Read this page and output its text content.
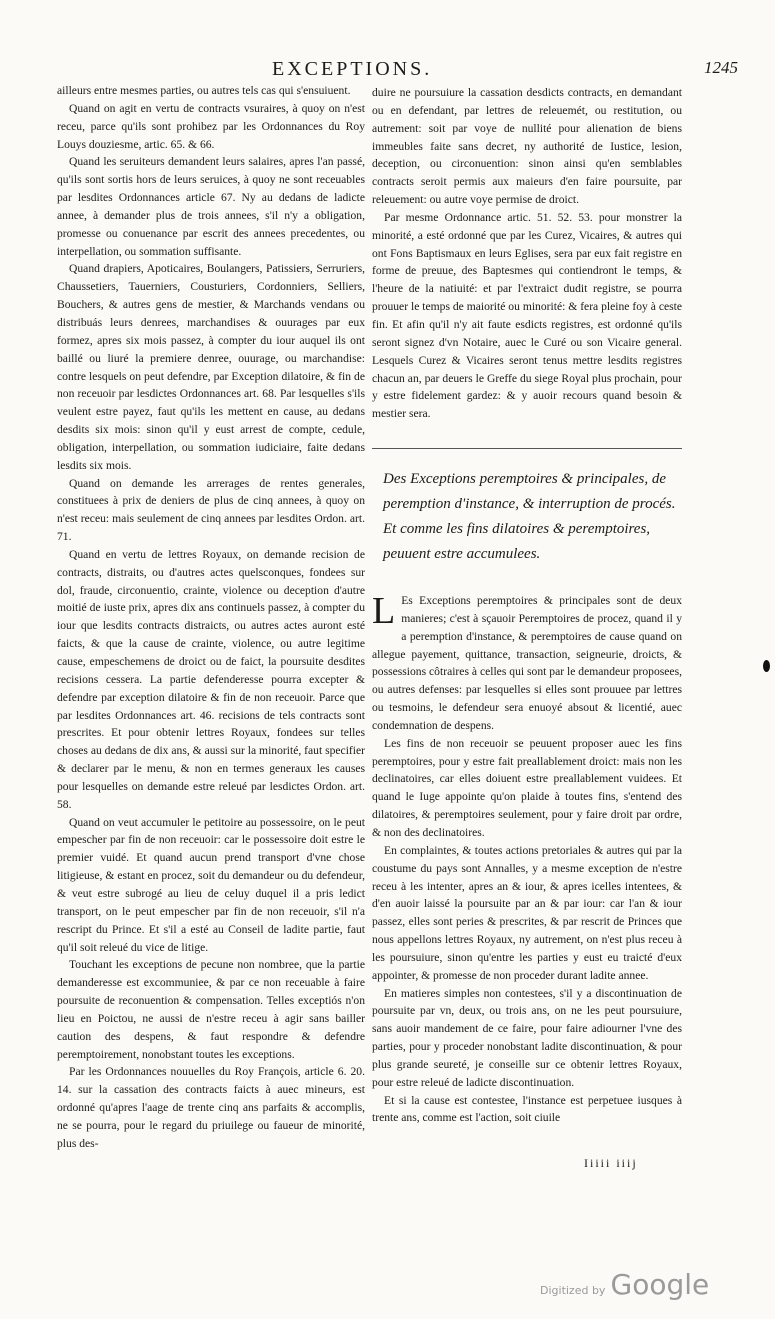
EXCEPTIONS.	1245

ailleurs entre mesmes parties, ou autres tels cas qui s'ensuiuent.

Quand on agit en vertu de contracts vsuraires, à quoy on n'est receu, parce qu'ils sont prohibez par les Ordonnances du Roy Louys douziesme, artic. 65. & 66.

Quand les seruiteurs demandent leurs salaires, apres l'an passé, qu'ils sont sortis hors de leurs seruices, à quoy ne sont receuables par lesdites Ordonnances article 67. Ny au dedans de ladicte annee, à demander plus de trois annees, s'il n'y a obligation, promesse ou conuenance par escrit des annees precedentes, ou interpellation, ou sommation suffisante.

Quand drapiers, Apoticaires, Boulangers, Patissiers, Serruriers, Chaussetiers, Tauerniers, Cousturiers, Cordonniers, Selliers, Bouchers, & autres gens de mestier, & Marchands vendans ou distribuás leurs denrees, marchandises & ouurages par eux formez, apres six mois passez, à compter du iour auquel ils ont baillé ou liuré la premiere denree, ouurage, ou marchandise: contre lesquels on peut defendre, par Exception dilatoire, & fin de non receuoir par lesdictes Ordonnances art. 68. Par lesquelles s'ils veulent estre payez, faut qu'ils les mettent en cause, au dedans desdits six mois: sinon qu'il y eust arrest de compte, cedule, obligation, interpellation, ou sommation iudiciaire, faite dedans lesdits six mois.

Quand on demande les arrerages de rentes generales, constituees à prix de deniers de plus de cinq annees, à quoy on n'est receu: mais seulement de cinq annees par lesdites Ordon. art. 71.

Quand en vertu de lettres Royaux, on demande recision de contracts, distraits, ou d'autres actes quelsconques, fondees sur dol, fraude, circonuentio, crainte, violence ou deception d'autre moitié de iuste prix, apres dix ans continuels passez, à compter du iour que lesdits contracts distraicts, ou autres actes auront esté faicts, & que la cause de crainte, violence, ou autre legitime cause, empeschemens de droict ou de faict, la poursuite desdites recisions cessera. La partie defenderesse pourra excepter & defendre par exception dilatoire & fin de non receuoir. Parce que par lesdites Ordonnances art. 46. recisions de tels contracts sont prescrites. Et pour obtenir lettres Royaux, fondees sur telles choses au dedans de dix ans, & aussi sur la minorité, faut specifier & declarer par le menu, & non en termes generaux les causes pour lesquelles on demande estre releué par lesdictes Ordon. art. 58.

Quand on veut accumuler le petitoire au possessoire, on le peut empescher par fin de non receuoir: car le possessoire doit estre le premier vuidé. Et quand aucun prend transport d'vne chose litigieuse, & estant en procez, soit du demandeur ou du defendeur, & veut estre subrogé au lieu de celuy duquel il a pris ledict transport, on le peut empescher par fin de non receuoir, s'il n'a rescript du Prince. Et s'il a esté au Conseil de ladite partie, faut qu'il soit releué du vice de litige.

Touchant les exceptions de pecune non nombree, que la partie demanderesse est excommuniee, & par ce non receuable à faire poursuite de reconuention & compensation. Telles exceptiós n'on lieu en Poictou, ne aussi de n'estre receu à agir sans bailler caution des despens, & faut respondre & defendre peremptoirement, nonobstant toutes les exceptions.

Par les Ordonnances nouuelles du Roy François, article 6. 20. 14. sur la cassation des contracts faicts à auec mineurs, est ordonné qu'apres l'aage de trente cinq ans parfaits & accomplis, ne se pourra, pour le regard du priuilege ou faueur de minorité, plus des-

duire ne poursuiure la cassation desdicts contracts, en demandant ou en defendant, par lettres de releuemét, ou restitution, ou autrement: soit par voye de nullité pour alienation de biens immeubles faite sans decret, ny authorité de Iustice, lesion, deception, ou circonuention: sinon ainsi qu'en semblables contracts seroit permis aux maieurs d'en faire poursuite, par releuement: ou autre voye permise de droict.

Par mesme Ordonnance artic. 51. 52. 53. pour monstrer la minorité, a esté ordonné que par les Curez, Vicaires, & autres qui ont Fons Baptismaux en leurs Eglises, sera par eux fait registre en forme de preuue, des Baptesmes qui contiendront le temps, & l'heure de la natiuité: et par l'extraict dudit registre, se pourra prouuer le temps de maiorité ou minorité: & fera pleine foy à ceste fin. Et afin qu'il n'y ait faute esdicts registres, est ordonné qu'ils seront signez d'vn Notaire, auec le Curé ou son Vicaire general. Lesquels Curez & Vicaires seront tenus mettre lesdits registres chacun an, par deuers le Greffe du siege Royal plus prochain, pour y estre fidelement gardez: & y auoir recours quand besoin & mestier sera.

Des Exceptions peremptoires & principales, de peremption d'instance, & interruption de procés. Et comme les fins dilatoires & peremptoires, peuuent estre accumulees.

L Es Exceptions peremptoires & principales sont de deux manieres; c'est à sçauoir Peremptoires de procez, quand il y a peremption d'instance, & peremptoires de cause quand on allegue payement, quittance, transaction, seigneurie, droicts, & possessions côtraires à celles qui sont par le demandeur proposees, ou autres defenses: par lesquelles si elles sont prouuee par lettres ou tesmoins, le defendeur sera enuoyé absout & licentié, auec condemnation de despens.

Les fins de non receuoir se peuuent proposer auec les fins peremptoires, pour y estre fait preallablement droict: mais non les declinatoires, car elles doiuent estre preallablement vuidees. Et quand le Iuge appointe qu'on plaide à toutes fins, s'entend des dilatoires, & peremptoires seulement, pour y faire droit par ordre, & non des declinatoires.

En complaintes, & toutes actions pretoriales & autres qui par la coustume du pays sont Annalles, y a mesme exception de n'estre receu à les intenter, apres an & iour, & apres icelles intentees, & d'en auoir laissé la poursuite par an & par iour: car l'an & iour passez, elles sont peries & prescrites, & par rescrit de Princes que nous appellons lettres Royaux, ny autrement, on n'est plus receu à les poursuiure, sinon qu'entre les parties y eust eu traicté d'eux appointer, & promesse de non proceder durant ladite annee.

En matieres simples non contestees, s'il y a discontinuation de poursuite par vn, deux, ou trois ans, on ne les peut poursuiure, sans auoir mandement de ce faire, pour faire adiourner l'vne des parties, pour y proceder nonobstant ladite discontinuation, & pour plus grande seureté, je conseille sur ce obtenir lettres Royaux, pour estre releué de ladicte discontinuation.

Et si la cause est contestee, l'instance est perpetuee iusques à trente ans, comme est l'action, soit ciuile

Iiiii iiij
Digitized by Google
